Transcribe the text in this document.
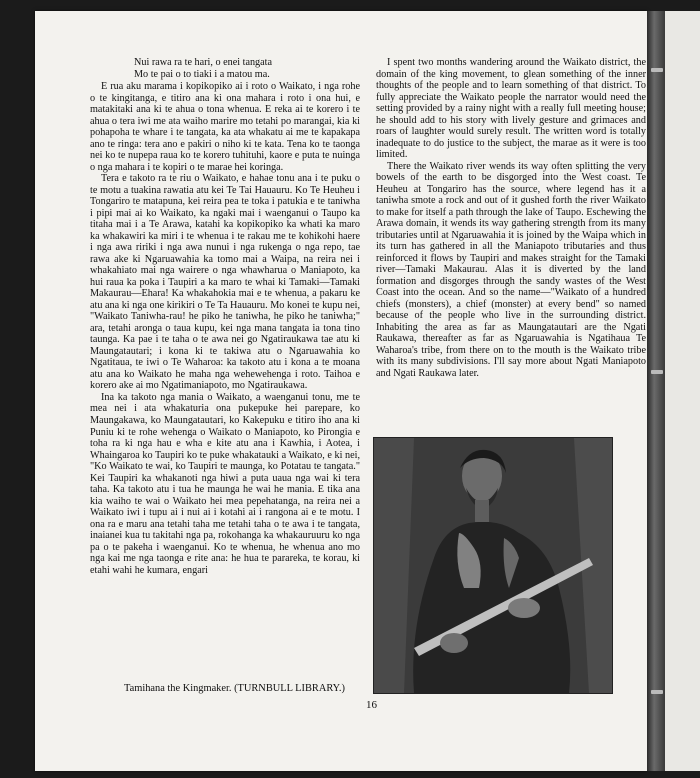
Nui rawa ra te hari, o enei tangata
Mo te pai o to tiaki i a matou ma.

E rua aku marama i kopikopiko ai i roto o Waikato, i nga rohe o te kingitanga, e titiro ana ki ona mahara i roto i ona hui, e matakitaki ana ki te ahua o tona whenua. E reka ai te korero i te ahua o tera iwi me ata waiho marire mo tetahi po marangai, kia ki pohapoha te whare i te tangata, ka ata whakatu ai me te kapakapa ano te ringa: tera ano e pakiri o niho ki te kata. Tena ko te taonga nei ko te nupepa raua ko te korero tuhituhi, kaore e puta te nuinga o nga mahara i te kopiri o te marae hei koringa.

Tera e takoto ra te riu o Waikato, e hahae tonu ana i te puku o te motu a tuakina rawatia atu kei Te Tai Hauauru. Ko Te Heuheu i Tongariro te matapuna, kei reira pea te toka i patukia e te taniwha i pipi mai ai ko Waikato, ka ngaki mai i waenganui o Taupo ka titaha mai i a Te Arawa, katahi ka kopikopiko ka whati ka maro ka whakawiri ka miri i te whenua i te rakau me te kohikohi haere i nga awa ririki i nga awa nunui i nga rukenga o nga repo, tae rawa ake ki Ngaruawahia ka tomo mai a Waipa, na reira nei i whakahiato mai nga wairere o nga whawharua o Maniapoto, ka hui raua ka poka i Taupiri a ka maro te whai ki Tamaki—Tamaki Makaurau—Ehara! Ka whakahokia mai e te whenua, a pakaru ke atu ana ki nga one kirikiri o Te Ta Hauauru. Mo konei te kupu nei, "Waikato Taniwha-rau! he piko he taniwha, he piko he taniwha;" ara, tetahi aronga o taua kupu, kei nga mana tangata ia tona tino taunga. Ka pae i te taha o te awa nei go Ngatiraukawa tae atu ki Maungatautari; i kona ki te takiwa atu o Ngaruawahia ko Ngatitaua, te iwi o Te Waharoa: ka takoto atu i kona a te moana atu ana ko Waikato he maha nga wehewehenga i roto. Taihoa e korero ake ai mo Ngatimaniapoto, mo Ngatiraukawa.

Ina ka takoto nga mania o Waikato, a waenganui tonu, me te mea nei i ata whakaturia ona pukepuke hei parepare, ko Maungakawa, ko Maungatautari, ko Kakepuku e titiro iho ana ki Puniu ki te rohe wehenga o Waikato o Maniapoto, ko Pirongia e toha ra ki nga hau e wha e kite atu ana i Kawhia, i Aotea, i Whaingaroa ko Taupiri ko te puke whakatauki a Waikato, e ki nei, "Ko Waikato te wai, ko Taupiri te maunga, ko Potatau te tangata." Kei Taupiri ka whakanoti nga hiwi a puta uaua nga wai ki tera taha. Ka takoto atu i tua he maunga he wai he mania. E tika ana kia waiho te wai o Waikato hei mea pepehatanga, na reira nei a Waikato iwi i tupu ai i nui ai i kotahi ai i rangona ai e te motu. I ona ra e maru ana tetahi taha me tetahi taha o te awa i te tangata, inaianei kua tu takitahi nga pa, rokohanga ka whakauruuru ko nga pa o te pakeha i waenganui. Ko te whenua, he whenua ano mo nga kai me nga taonga e rite ana: he hua te parareka, te korau, ki etahi wahi he kumara, engari

I spent two months wandering around the Waikato district, the domain of the king movement, to glean something of the inner thoughts of the people and to learn something of that district. To fully appreciate the Waikato people the narrator would need the setting provided by a rainy night with a really full meeting house; he should add to his story with lively gesture and grimaces and roars of laughter would surely result. The written word is totally inadequate to do justice to the subject, the marae as it were is too limited.

There the Waikato river wends its way often splitting the very bowels of the earth to be disgorged into the West coast. Te Heuheu at Tongariro has the source, where legend has it a taniwha smote a rock and out of it gushed forth the river Waikato to make for itself a path through the lake of Taupo. Eschewing the Arawa domain, it wends its way gathering strength from its many tributaries until at Ngaruawahia it is joined by the Waipa which in its turn has gathered in all the Maniapoto tributaries and thus reinforced it flows by Taupiri and makes straight for the Tamaki river—Tamaki Makaurau. Alas it is diverted by the land formation and disgorges through the sandy wastes of the West Coast into the ocean. And so the name—"Waikato of a hundred chiefs (monsters), a chief (monster) at every bend" so named because of the people who live in the surrounding district. Inhabiting the area as far as Maungatautari are the Ngati Raukawa, thereafter as far as Ngaruawahia is Ngatihaua Te Waharoa's tribe, from there on to the mouth is the Waikato tribe with its many subdivisions. I'll say more about Ngati Maniapoto and Ngati Raukawa later.

Tamihana the Kingmaker. (TURNBULL LIBRARY.)
16
